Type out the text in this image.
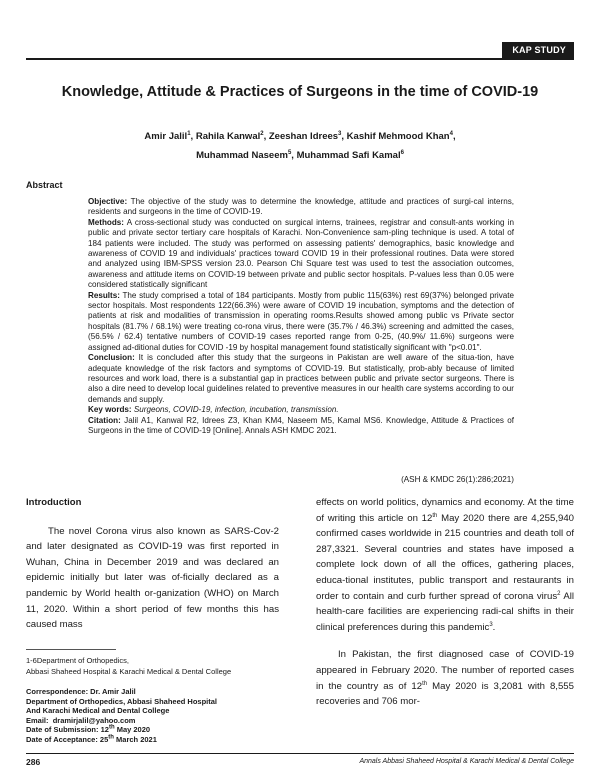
KAP STUDY
Knowledge, Attitude & Practices of Surgeons in the time of COVID-19
Amir Jalil$^1$, Rahila Kanwal$^2$, Zeeshan Idrees$^3$, Kashif Mehmood Khan$^4$,
Muhammad Naseem$^5$, Muhammad Safi Kamal$^6$
Abstract

Objective: The objective of the study was to determine the knowledge, attitude and practices of surgi-cal interns, residents and surgeons in the time of COVID-19.

Methods: A cross-sectional study was conducted on surgical interns, trainees, registrar and consult-ants working in public and private sector tertiary care hospitals of Karachi. Non-Convenience sam-pling technique is used. A total of 184 patients were included. The study was performed on assessing patients' demographics, basic knowledge and awareness of COVID 19 and individuals' practices toward COVID 19 in their professional routines. Data were stored and analyzed using IBM-SPSS version 23.0. Pearson Chi Square test was used to test the association outcomes, awareness and attitude items on COVID-19 between private and public sector hospitals. P-values less than 0.05 were considered statistically significant

Results: The study comprised a total of 184 participants. Mostly from public 115(63%) rest 69(37%) belonged private sector hospitals. Most respondents 122(66.3%) were aware of COVID 19 incubation, symptoms and the detection of patients at risk and modalities of transmission in operating rooms.Results showed among public vs Private sector hospitals (81.7% / 68.1%) were treating co-rona virus, there were (35.7% / 46.3%) screening and admitted the cases, (56.5% / 62.4) tentative numbers of COVID-19 cases reported range from 0-25, (40.9%/ 11.6%) surgeons were assigned ad-ditional duties for COVID -19 by hospital management found statistically significant with "p<0.01".

Conclusion: It is concluded after this study that the surgeons in Pakistan are well aware of the situa-tion, have adequate knowledge of the risk factors and symptoms of COVID-19. But statistically, prob-ably because of limited resources and work load, there is a substantial gap in practices between public and private sector surgeons. There is also a dire need to develop local guidelines related to preventive measures in our health care systems according to our demands and supply.

Key words: Surgeons, COVID-19, infection, incubation, transmission.

Citation: Jalil A1, Kanwal R2, Idrees Z3, Khan KM4, Naseem M5, Kamal MS6. Knowledge, Attitude & Practices of Surgeons in the time of COVID-19 [Online]. Annals ASH KMDC 2021.

(ASH & KMDC 26(1):286;2021)
Introduction

The novel Corona virus also known as SARS-Cov-2 and later designated as COVID-19 was first reported in Wuhan, China in December 2019 and was declared an epidemic initially but later was of-ficially declared as a pandemic by World health or-ganization (WHO) on March 11, 2020. Within a short period of few months this has caused mass

effects on world politics, dynamics and economy. At the time of writing this article on 12th May 2020 there are 4,255,940 confirmed cases worldwide in 215 countries and death toll of 287,3321. Several countries and states have imposed a complete lock down of all the offices, gathering places, educa-tional institutes, public transport and restaurants in order to contain and curb further spread of corona virus$^2$ All health-care facilities are experiencing radi-cal shifts in their clinical preferences during this pandemic$^3$.

In Pakistan, the first diagnosed case of COVID-19 appeared in February 2020. The number of reported cases in the country as of 12th May 2020 is 3,2081 with 8,555 recoveries and 706 mor-

1-6Department of Orthopedics,
Abbasi Shaheed Hospital & Karachi Medical & Dental College
Correspondence: Dr. Amir Jalil
Department of Orthopedics, Abbasi Shaheed Hospital
And Karachi Medical and Dental College
Email: dramirjalil@yahoo.com
Date of Submission: 12th May 2020
Date of Acceptance: 25th March 2021
286	Annals Abbasi Shaheed Hospital & Karachi Medical & Dental College
